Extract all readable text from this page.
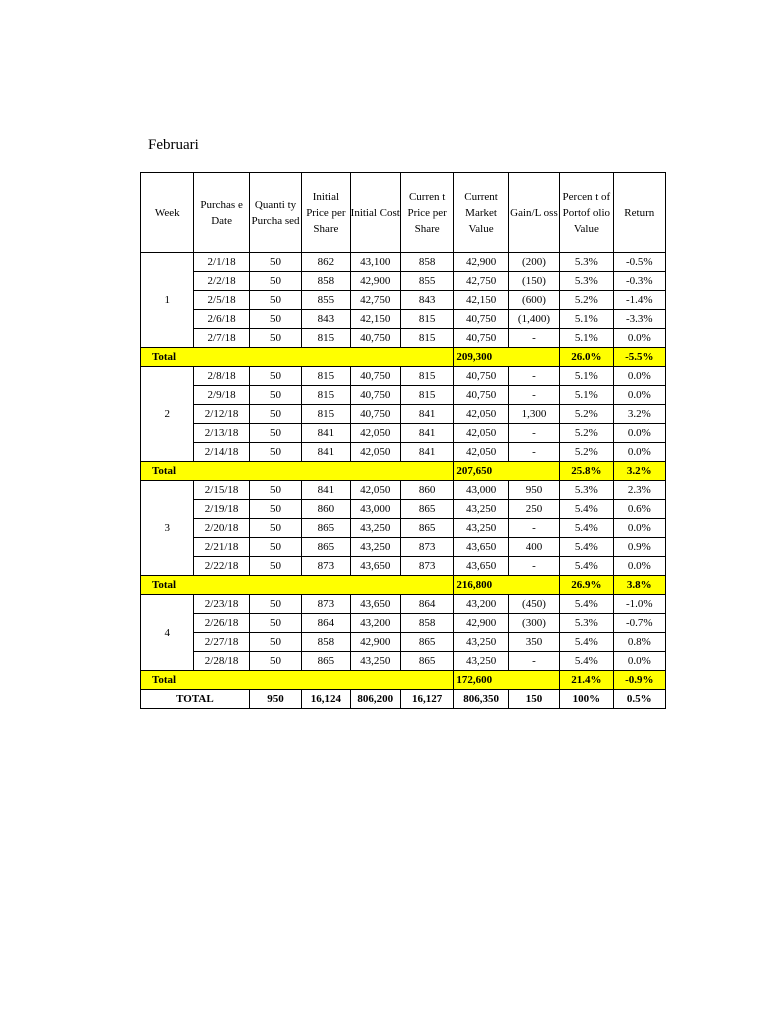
Februari
Week	Purchas e Date	Quanti ty Purcha sed	Initial Price per Share	Initial Cost	Curren t Price per Share	Current Market Value	Gain/L oss	Percen t of Portof olio Value	Return
1	2/1/18	50	862	43,100	858	42,900	(200)	5.3%	-0.5%
	2/2/18	50	858	42,900	855	42,750	(150)	5.3%	-0.3%
	2/5/18	50	855	42,750	843	42,150	(600)	5.2%	-1.4%
	2/6/18	50	843	42,150	815	40,750	(1,400)	5.1%	-3.3%
	2/7/18	50	815	40,750	815	40,750	-	5.1%	0.0%
Total						209,300		26.0%	-5.5%
2	2/8/18	50	815	40,750	815	40,750	-	5.1%	0.0%
	2/9/18	50	815	40,750	815	40,750	-	5.1%	0.0%
	2/12/18	50	815	40,750	841	42,050	1,300	5.2%	3.2%
	2/13/18	50	841	42,050	841	42,050	-	5.2%	0.0%
	2/14/18	50	841	42,050	841	42,050	-	5.2%	0.0%
Total						207,650		25.8%	3.2%
3	2/15/18	50	841	42,050	860	43,000	950	5.3%	2.3%
	2/19/18	50	860	43,000	865	43,250	250	5.4%	0.6%
	2/20/18	50	865	43,250	865	43,250	-	5.4%	0.0%
	2/21/18	50	865	43,250	873	43,650	400	5.4%	0.9%
	2/22/18	50	873	43,650	873	43,650	-	5.4%	0.0%
Total						216,800		26.9%	3.8%
4	2/23/18	50	873	43,650	864	43,200	(450)	5.4%	-1.0%
	2/26/18	50	864	43,200	858	42,900	(300)	5.3%	-0.7%
	2/27/18	50	858	42,900	865	43,250	350	5.4%	0.8%
	2/28/18	50	865	43,250	865	43,250	-	5.4%	0.0%
Total						172,600		21.4%	-0.9%
TOTAL		950	16,124	806,200	16,127	806,350	150	100%	0.5%
